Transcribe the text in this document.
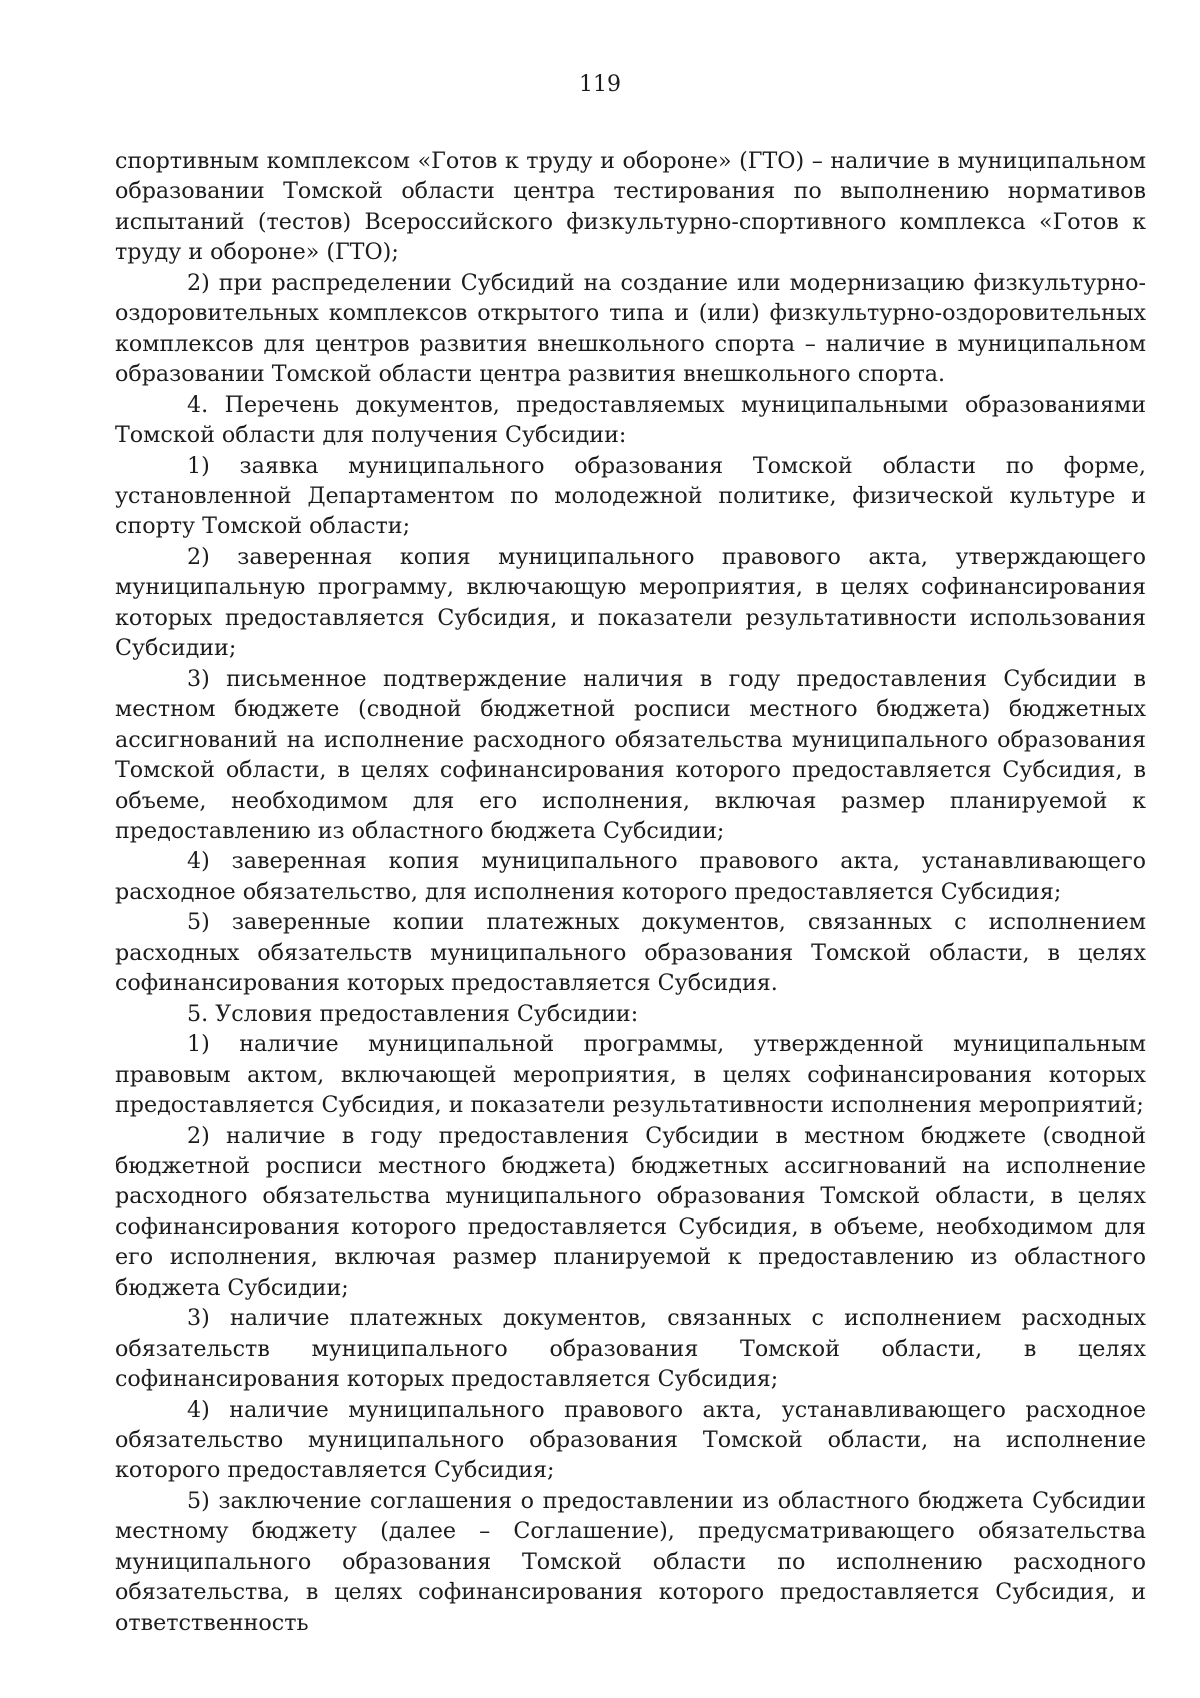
119

спортивным комплексом «Готов к труду и обороне» (ГТО) – наличие в муниципальном образовании Томской области центра тестирования по выполнению нормативов испытаний (тестов) Всероссийского физкультурно-спортивного комплекса «Готов к труду и обороне» (ГТО);

2) при распределении Субсидий на создание или модернизацию физкультурно-оздоровительных комплексов открытого типа и (или) физкультурно-оздоровительных комплексов для центров развития внешкольного спорта – наличие в муниципальном образовании Томской области центра развития внешкольного спорта.

4. Перечень документов, предоставляемых муниципальными образованиями Томской области для получения Субсидии:

1) заявка муниципального образования Томской области по форме, установленной Департаментом по молодежной политике, физической культуре и спорту Томской области;

2) заверенная копия муниципального правового акта, утверждающего муниципальную программу, включающую мероприятия, в целях софинансирования которых предоставляется Субсидия, и показатели результативности использования Субсидии;

3) письменное подтверждение наличия в году предоставления Субсидии в местном бюджете (сводной бюджетной росписи местного бюджета) бюджетных ассигнований на исполнение расходного обязательства муниципального образования Томской области, в целях софинансирования которого предоставляется Субсидия, в объеме, необходимом для его исполнения, включая размер планируемой к предоставлению из областного бюджета Субсидии;

4) заверенная копия муниципального правового акта, устанавливающего расходное обязательство, для исполнения которого предоставляется Субсидия;

5) заверенные копии платежных документов, связанных с исполнением расходных обязательств муниципального образования Томской области, в целях софинансирования которых предоставляется Субсидия.

5. Условия предоставления Субсидии:

1) наличие муниципальной программы, утвержденной муниципальным правовым актом, включающей мероприятия, в целях софинансирования которых предоставляется Субсидия, и показатели результативности исполнения мероприятий;

2) наличие в году предоставления Субсидии в местном бюджете (сводной бюджетной росписи местного бюджета) бюджетных ассигнований на исполнение расходного обязательства муниципального образования Томской области, в целях софинансирования которого предоставляется Субсидия, в объеме, необходимом для его исполнения, включая размер планируемой к предоставлению из областного бюджета Субсидии;

3) наличие платежных документов, связанных с исполнением расходных обязательств муниципального образования Томской области, в целях софинансирования которых предоставляется Субсидия;

4) наличие муниципального правового акта, устанавливающего расходное обязательство муниципального образования Томской области, на исполнение которого предоставляется Субсидия;

5) заключение соглашения о предоставлении из областного бюджета Субсидии местному бюджету (далее – Соглашение), предусматривающего обязательства муниципального образования Томской области по исполнению расходного обязательства, в целях софинансирования которого предоставляется Субсидия, и ответственность
